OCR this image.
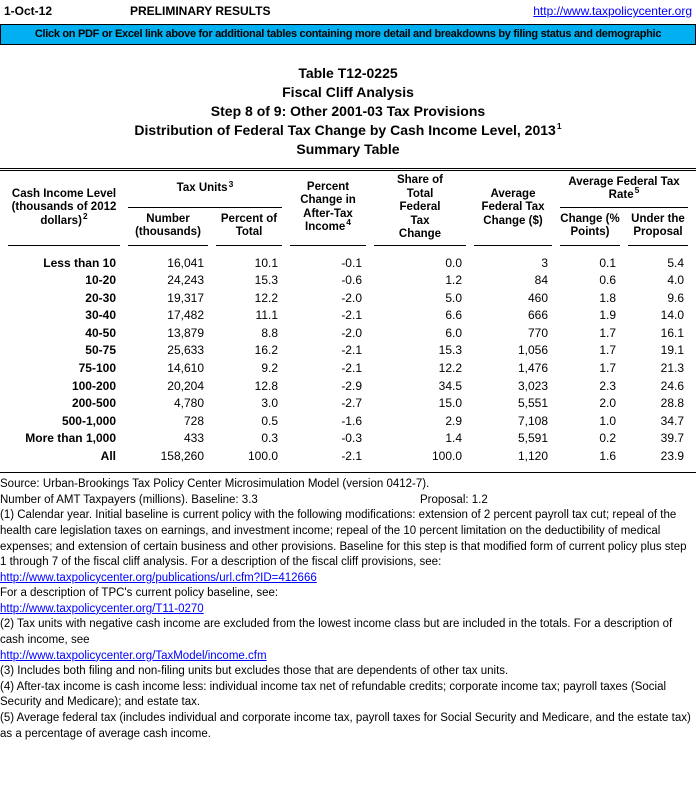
1-Oct-12	PRELIMINARY RESULTS	http://www.taxpolicycenter.org
Click on PDF or Excel link above for additional tables containing more detail and breakdowns by filing status and demographic
Table T12-0225
Fiscal Cliff Analysis
Step 8 of 9: Other 2001-03 Tax Provisions
Distribution of Federal Tax Change by Cash Income Level, 2013$^1$
Summary Table
Cash Income Level (thousands of 2012 dollars)$^2$	Tax Units$^3$		Percent Change in After-Tax Income$^4$	Share of Total Federal Tax Change	Average Federal Tax Change ($)	Average Federal Tax Rate$^5$

	Number (thousands)	Percent of Total				Change (% Points)	Under the Proposal

Less than 10	16,041	10.1	-0.1	0.0	3	0.1	5.4
10-20	24,243	15.3	-0.6	1.2	84	0.6	4.0
20-30	19,317	12.2	-2.0	5.0	460	1.8	9.6
30-40	17,482	11.1	-2.1	6.6	666	1.9	14.0
40-50	13,879	8.8	-2.0	6.0	770	1.7	16.1
50-75	25,633	16.2	-2.1	15.3	1,056	1.7	19.1
75-100	14,610	9.2	-2.1	12.2	1,476	1.7	21.3
100-200	20,204	12.8	-2.9	34.5	3,023	2.3	24.6
200-500	4,780	3.0	-2.7	15.0	5,551	2.0	28.8
500-1,000	728	0.5	-1.6	2.9	7,108	1.0	34.7
More than 1,000	433	0.3	-0.3	1.4	5,591	0.2	39.7
All	158,260	100.0	-2.1	100.0	1,120	1.6	23.9

Source: Urban-Brookings Tax Policy Center Microsimulation Model (version 0412-7).

Number of AMT Taxpayers (millions). Baseline: 3.3	Proposal: 1.2

(1) Calendar year. Initial baseline is current policy with the following modifications: extension of 2 percent payroll tax cut; repeal of the health care legislation taxes on earnings, and investment income; repeal of the 10 percent limitation on the deductibility of medical expenses; and extension of certain business and other provisions. Baseline for this step is that modified form of current policy plus step 1 through 7 of the fiscal cliff analysis. For a description of the fiscal cliff provisions, see:

http://www.taxpolicycenter.org/publications/url.cfm?ID=412666

For a description of TPC's current policy baseline, see:

http://www.taxpolicycenter.org/T11-0270

(2) Tax units with negative cash income are excluded from the lowest income class but are included in the totals. For a description of cash income, see

http://www.taxpolicycenter.org/TaxModel/income.cfm

(3) Includes both filing and non-filing units but excludes those that are dependents of other tax units.

(4) After-tax income is cash income less: individual income tax net of refundable credits; corporate income tax; payroll taxes (Social Security and Medicare); and estate tax.

(5) Average federal tax (includes individual and corporate income tax, payroll taxes for Social Security and Medicare, and the estate tax) as a percentage of average cash income.
